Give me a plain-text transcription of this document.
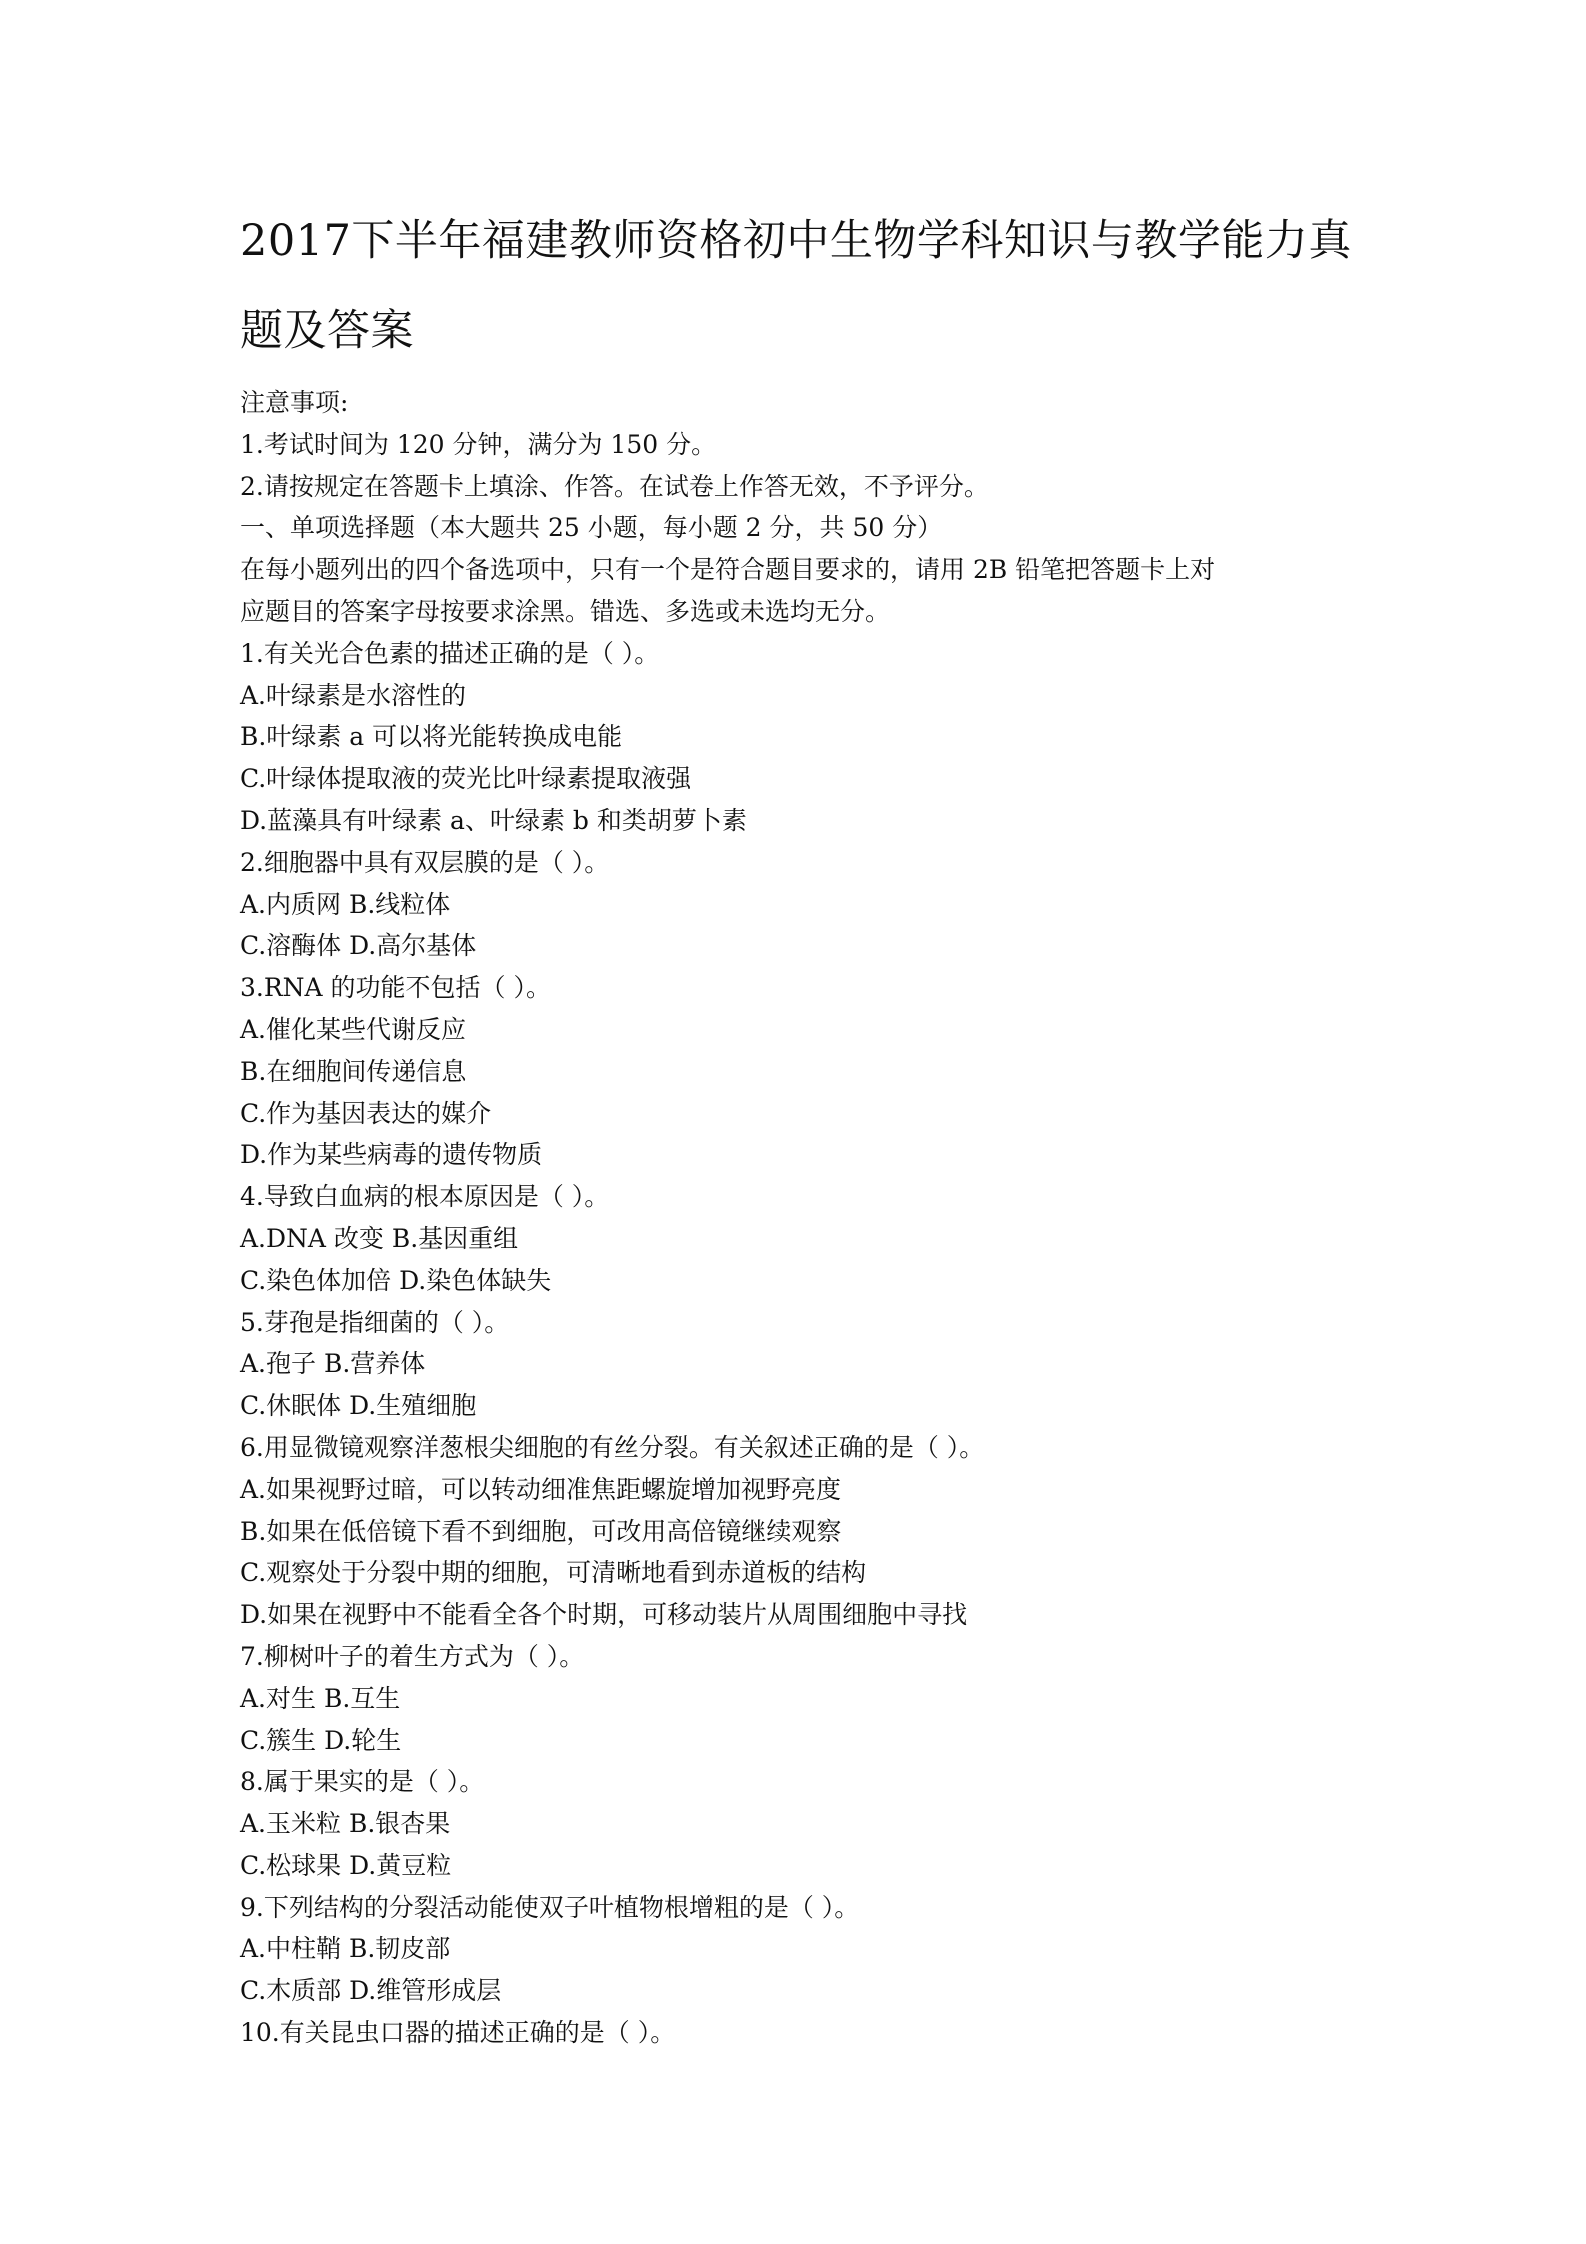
2017下半年福建教师资格初中生物学科知识与教学能力真
题及答案
注意事项:
1.考试时间为 120 分钟，满分为 150 分。
2.请按规定在答题卡上填涂、作答。在试卷上作答无效，不予评分。
一、单项选择题（本大题共 25 小题，每小题 2 分，共 50 分）
在每小题列出的四个备选项中，只有一个是符合题目要求的，请用 2B 铅笔把答题卡上对
应题目的答案字母按要求涂黑。错选、多选或未选均无分。
1.有关光合色素的描述正确的是（ ）。
A.叶绿素是水溶性的
B.叶绿素 a 可以将光能转换成电能
C.叶绿体提取液的荧光比叶绿素提取液强
D.蓝藻具有叶绿素 a、叶绿素 b 和类胡萝卜素
2.细胞器中具有双层膜的是（ ）。
A.内质网 B.线粒体
C.溶酶体 D.高尔基体
3.RNA 的功能不包括（ ）。
A.催化某些代谢反应
B.在细胞间传递信息
C.作为基因表达的媒介
D.作为某些病毒的遗传物质
4.导致白血病的根本原因是（ ）。
A.DNA 改变 B.基因重组
C.染色体加倍 D.染色体缺失
5.芽孢是指细菌的（ ）。
A.孢子 B.营养体
C.休眠体 D.生殖细胞
6.用显微镜观察洋葱根尖细胞的有丝分裂。有关叙述正确的是（ ）。
A.如果视野过暗，可以转动细准焦距螺旋增加视野亮度
B.如果在低倍镜下看不到细胞，可改用高倍镜继续观察
C.观察处于分裂中期的细胞，可清晰地看到赤道板的结构
D.如果在视野中不能看全各个时期，可移动装片从周围细胞中寻找
7.柳树叶子的着生方式为（ ）。
A.对生 B.互生
C.簇生 D.轮生
8.属于果实的是（ ）。
A.玉米粒 B.银杏果
C.松球果 D.黄豆粒
9.下列结构的分裂活动能使双子叶植物根增粗的是（ ）。
A.中柱鞘 B.韧皮部
C.木质部 D.维管形成层
10.有关昆虫口器的描述正确的是（ ）。
